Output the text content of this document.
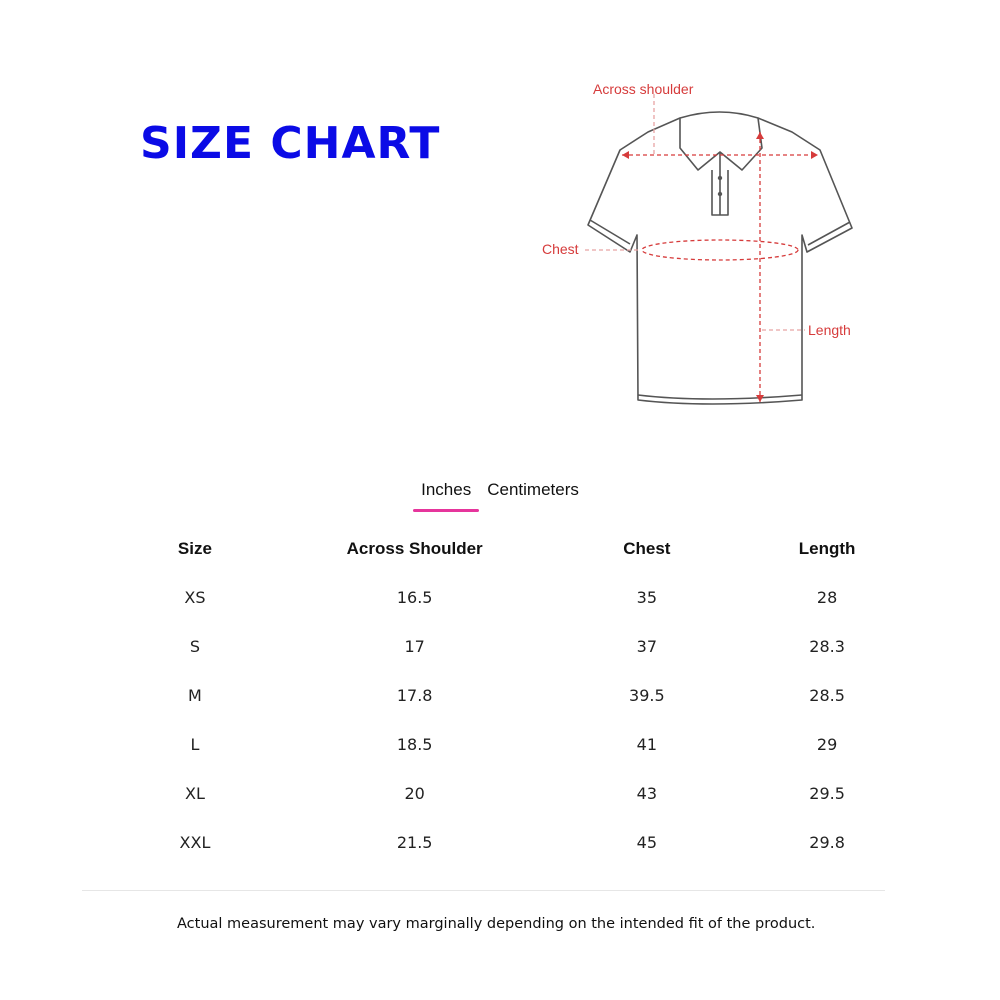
SIZE CHART
Across shoulder
Chest
Length
Inches Centimeters
Size	Across Shoulder	Chest	Length
XS	16.5	35	28
S	17	37	28.3
M	17.8	39.5	28.5
L	18.5	41	29
XL	20	43	29.5
XXL	21.5	45	29.8

Actual measurement may vary marginally depending on the intended fit of the product.
